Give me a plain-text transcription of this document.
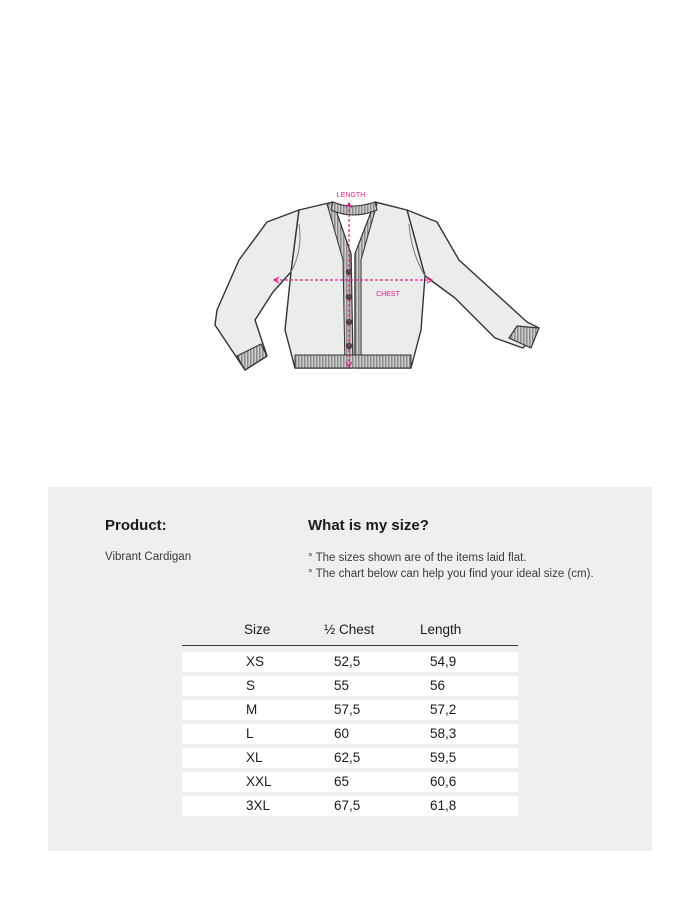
LENGTH
CHEST
Product:
Vibrant Cardigan
What is my size?
° The sizes shown are of the items laid flat.
° The chart below can help you find your ideal size (cm).
Size	½ Chest	Length
XS	52,5	54,9
S	55	56
M	57,5	57,2
L	60	58,3
XL	62,5	59,5
XXL	65	60,6
3XL	67,5	61,8
